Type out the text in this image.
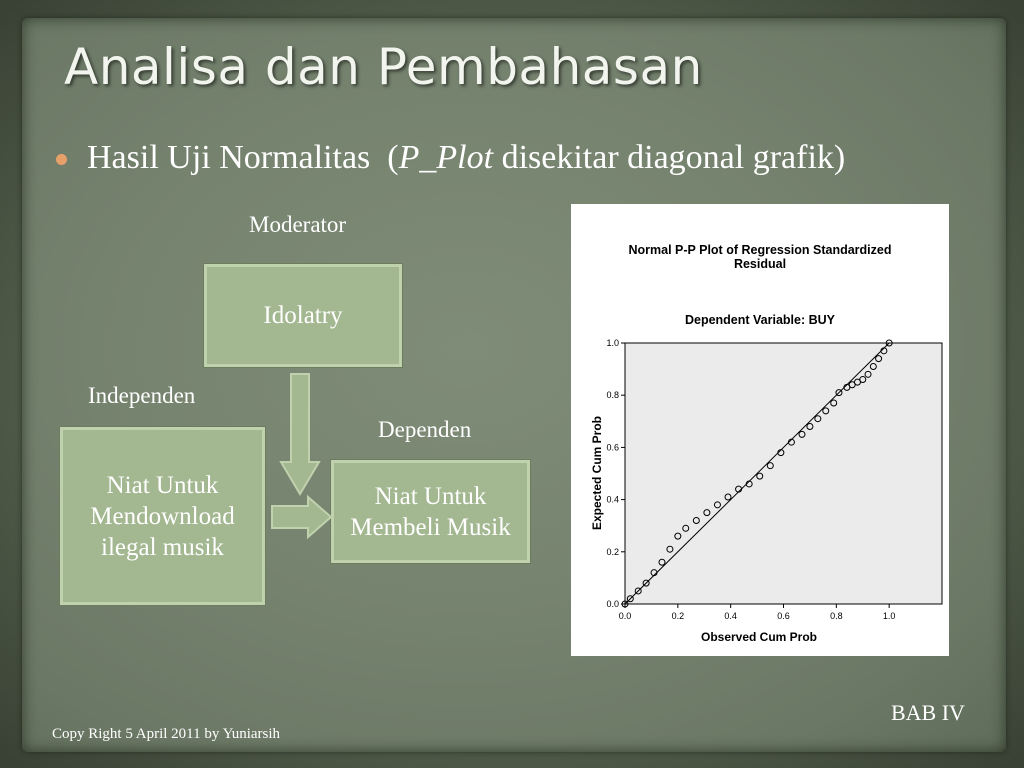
Analisa dan Pembahasan
Hasil Uji Normalitas
( P_Plot disekitar diagonal grafik)
Moderator
Independen
Dependen
Idolatry
Niat Untuk
Mendownload
ilegal musik
Niat Untuk
Membeli Musik
Normal P-P Plot of Regression Standardized
Residual
Dependent Variable: BUY
0.0	0.2	0.4	0.6	0.8	1.0
0.0
0.2
0.4
0.6
0.8
1.0
Observed Cum Prob
Expected Cum Prob
Copy Right 5 April 2011 by Yuniarsih
BAB IV
